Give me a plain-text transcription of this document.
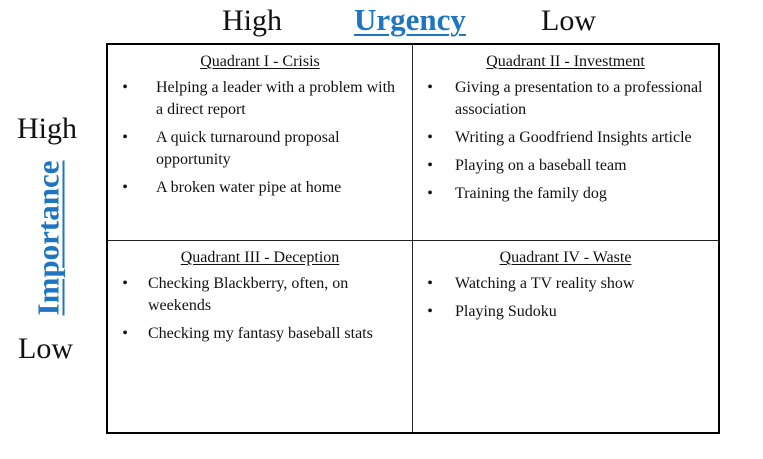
High Urgency	Low
High
Importance
Low
Quadrant I - Crisis
• Helping a leader with a problem with a direct report
• A quick turnaround proposal opportunity
• A broken water pipe at home
Quadrant II - Investment
• Giving a presentation to a professional association
• Writing a Goodfriend Insights article
• Playing on a baseball team
• Training the family dog
Quadrant III - Deception
• Checking Blackberry, often, on weekends
• Checking my fantasy baseball stats
Quadrant IV - Waste
• Watching a TV reality show
• Playing Sudoku
